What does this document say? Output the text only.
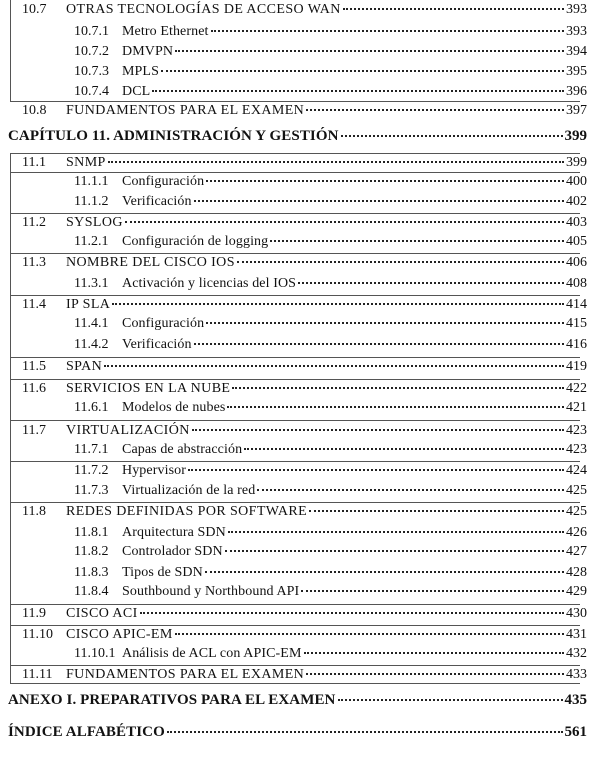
10.7	OTRAS TECNOLOGÍAS DE ACCESO WAN	393
10.7.1 Metro Ethernet	393
10.7.2 DMVPN	394
10.7.3 MPLS	395
10.7.4 DCL	396
10.8	FUNDAMENTOS PARA EL EXAMEN	397
CAPÍTULO 11. ADMINISTRACIÓN Y GESTIÓN	399
11.1	SNMP	399
11.1.1 Configuración	400
11.1.2 Verificación	402
11.2	SYSLOG	403
11.2.1 Configuración de logging	405
11.3	NOMBRE DEL CISCO IOS	406
11.3.1 Activación y licencias del IOS	408
11.4	IP SLA	414
11.4.1 Configuración	415
11.4.2 Verificación	416
11.5	SPAN	419
11.6	SERVICIOS EN LA NUBE	422
11.6.1 Modelos de nubes	421
11.7	VIRTUALIZACIÓN	423
11.7.1 Capas de abstracción	423
11.7.2 Hypervisor	424
11.7.3 Virtualización de la red	425
11.8	REDES DEFINIDAS POR SOFTWARE	425
11.8.1 Arquitectura SDN	426
11.8.2 Controlador SDN	427
11.8.3 Tipos de SDN	428
11.8.4 Southbound y Northbound API	429
11.9	CISCO ACI	430
11.10 CISCO APIC-EM	431
11.10.1 Análisis de ACL con APIC-EM	432
11.11 FUNDAMENTOS PARA EL EXAMEN	433
ANEXO I. PREPARATIVOS PARA EL EXAMEN	435
ÍNDICE ALFABÉTICO	561
